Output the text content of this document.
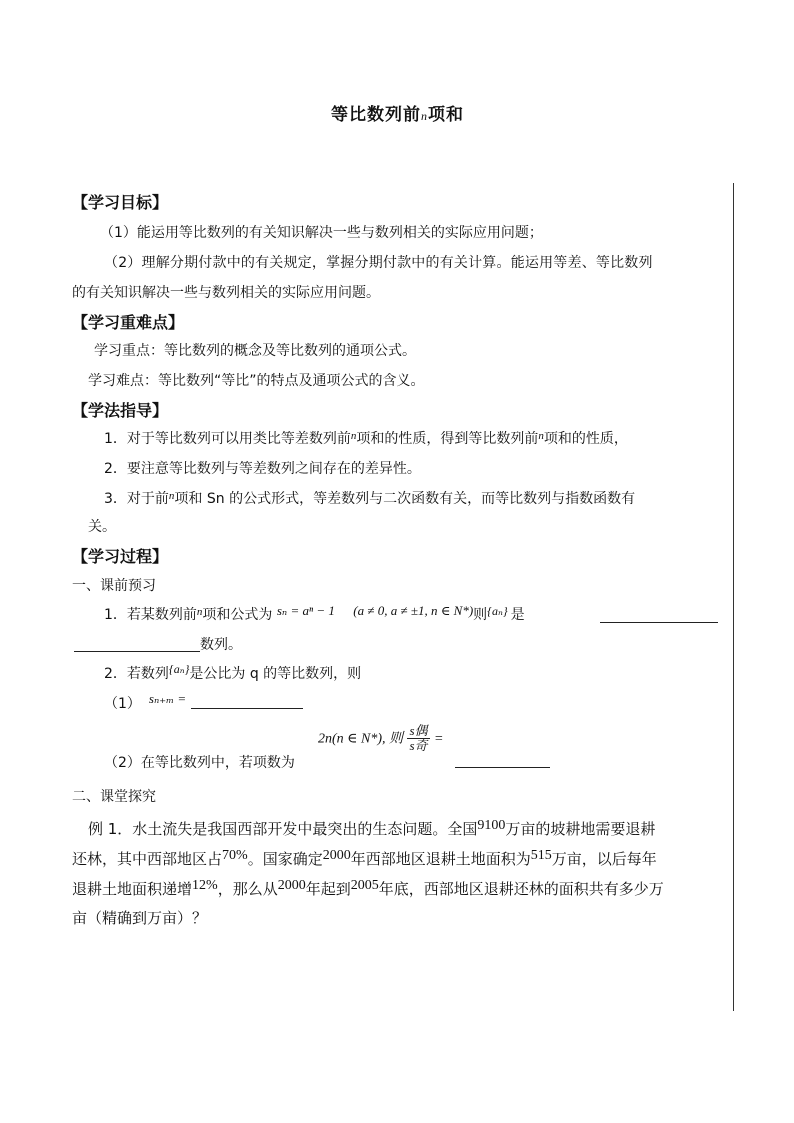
等比数列前n项和
【学习目标】
（1）能运用等比数列的有关知识解决一些与数列相关的实际应用问题；
（2）理解分期付款中的有关规定，掌握分期付款中的有关计算。能运用等差、等比数列
的有关知识解决一些与数列相关的实际应用问题。
【学习重难点】
学习重点：等比数列的概念及等比数列的通项公式。
学习难点：等比数列“等比”的特点及通项公式的含义。
【学法指导】
1．对于等比数列可以用类比等差数列前$^n$项和的性质，得到等比数列前$^n$项和的性质，
2．要注意等比数列与等差数列之间存在的差异性。
3．对于前$^n$项和 Sn 的公式形式，等差数列与二次函数有关，而等比数列与指数函数有
关。
【学习过程】
一、课前预习
1．若某数列前$^n$项和公式为 sₙ = aⁿ − 1 (a ≠ 0, a ≠ ±1, n ∈ N*)则{aₙ} 是
数列。
2．若数列{aₙ}是公比为 q 的等比数列，则
（1） sₙ₊ₘ =
2n(n ∈ N*), 则 $\frac{\text{s偶}}{\text{s奇}}$ =
（2）在等比数列中，若项数为
二、课堂探究
例 1．水土流失是我国西部开发中最突出的生态问题。全国9100万亩的坡耕地需要退耕
还林，其中西部地区占70%。国家确定2000年西部地区退耕土地面积为515万亩，以后每年
退耕土地面积递增12%，那么从2000年起到2005年底，西部地区退耕还林的面积共有多少万
亩（精确到万亩）？
